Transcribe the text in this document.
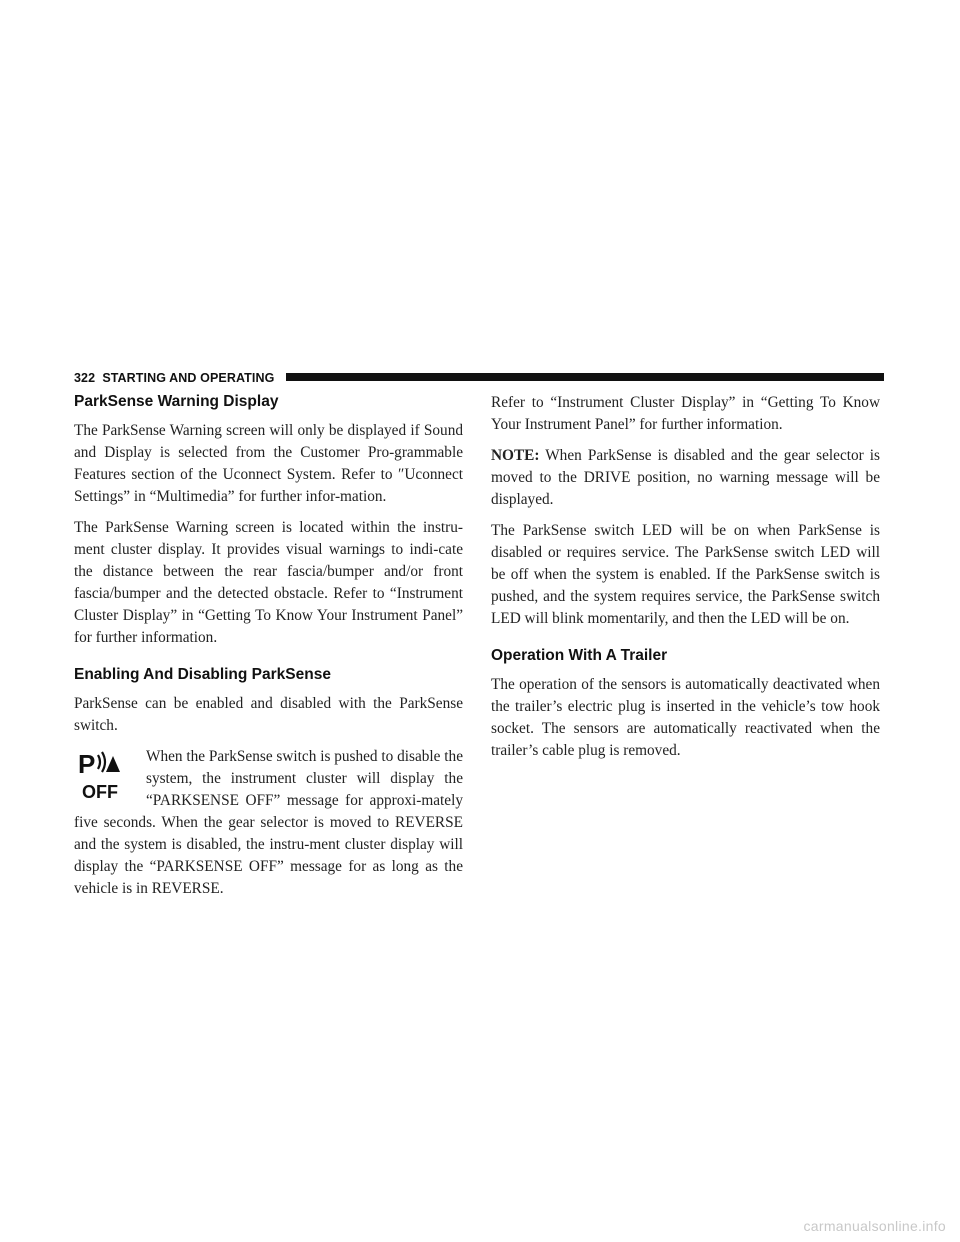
322 STARTING AND OPERATING
ParkSense Warning Display

The ParkSense Warning screen will only be displayed if Sound and Display is selected from the Customer Pro-grammable Features section of the Uconnect System. Refer to ″Uconnect Settings” in “Multimedia” for further infor-mation.

The ParkSense Warning screen is located within the instru-ment cluster display. It provides visual warnings to indi-cate the distance between the rear fascia/bumper and/or front fascia/bumper and the detected obstacle. Refer to “Instrument Cluster Display” in “Getting To Know Your Instrument Panel” for further information.

Enabling And Disabling ParkSense

ParkSense can be enabled and disabled with the ParkSense switch.

P
OFF

When the ParkSense switch is pushed to disable the system, the instrument cluster will display the “PARKSENSE OFF” message for approxi-mately five seconds. When the gear selector is moved to REVERSE and the system is disabled, the instru-ment cluster display will display the “PARKSENSE OFF” message for as long as the vehicle is in REVERSE.

Refer to “Instrument Cluster Display” in “Getting To Know Your Instrument Panel” for further information.

NOTE: When ParkSense is disabled and the gear selector is moved to the DRIVE position, no warning message will be displayed.

The ParkSense switch LED will be on when ParkSense is disabled or requires service. The ParkSense switch LED will be off when the system is enabled. If the ParkSense switch is pushed, and the system requires service, the ParkSense switch LED will blink momentarily, and then the LED will be on.

Operation With A Trailer

The operation of the sensors is automatically deactivated when the trailer’s electric plug is inserted in the vehicle’s tow hook socket. The sensors are automatically reactivated when the trailer’s cable plug is removed.

carmanualsonline.info
